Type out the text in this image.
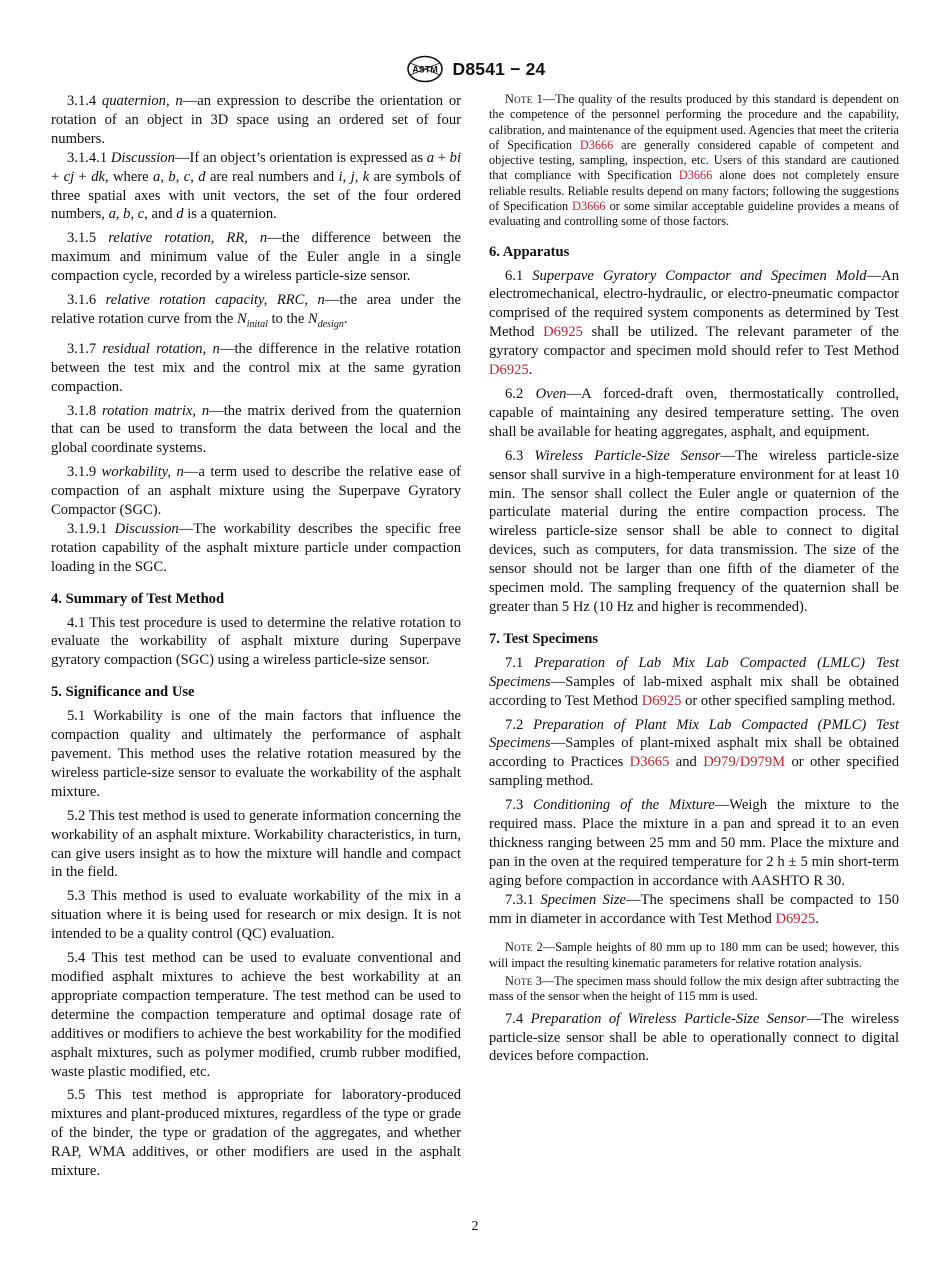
ASTM D8541 − 24

3.1.4 quaternion, n—an expression to describe the orientation or rotation of an object in 3D space using an ordered set of four numbers.

3.1.4.1 Discussion—If an object’s orientation is expressed as a + bi + cj + dk, where a, b, c, d are real numbers and i, j, k are symbols of three spatial axes with unit vectors, the set of the four ordered numbers, a, b, c, and d is a quaternion.

3.1.5 relative rotation, RR, n—the difference between the maximum and minimum value of the Euler angle in a single compaction cycle, recorded by a wireless particle-size sensor.

3.1.6 relative rotation capacity, RRC, n—the area under the relative rotation curve from the $N_{inital}$ to the $N_{design}$.

3.1.7 residual rotation, n—the difference in the relative rotation between the test mix and the control mix at the same gyration compaction.

3.1.8 rotation matrix, n—the matrix derived from the quaternion that can be used to transform the data between the local and the global coordinate systems.

3.1.9 workability, n—a term used to describe the relative ease of compaction of an asphalt mixture using the Superpave Gyratory Compactor (SGC).

3.1.9.1 Discussion—The workability describes the specific free rotation capability of the asphalt mixture particle under compaction loading in the SGC.

4. Summary of Test Method

4.1 This test procedure is used to determine the relative rotation to evaluate the workability of asphalt mixture during Superpave gyratory compaction (SGC) using a wireless particle-size sensor.

5. Significance and Use

5.1 Workability is one of the main factors that influence the compaction quality and ultimately the performance of asphalt pavement. This method uses the relative rotation measured by the wireless particle-size sensor to evaluate the workability of the asphalt mixture.

5.2 This test method is used to generate information concerning the workability of an asphalt mixture. Workability characteristics, in turn, can give users insight as to how the mixture will handle and compact in the field.

5.3 This method is used to evaluate workability of the mix in a situation where it is being used for research or mix design. It is not intended to be a quality control (QC) evaluation.

5.4 This test method can be used to evaluate conventional and modified asphalt mixtures to achieve the best workability at an appropriate compaction temperature. The test method can be used to determine the compaction temperature and optimal dosage rate of additives or modifiers to achieve the best workability for the modified asphalt mixtures, such as polymer modified, crumb rubber modified, waste plastic modified, etc.

5.5 This test method is appropriate for laboratory-produced mixtures and plant-produced mixtures, regardless of the type or grade of the binder, the type or gradation of the aggregates, and whether RAP, WMA additives, or other modifiers are used in the asphalt mixture.

Note 1—The quality of the results produced by this standard is dependent on the competence of the personnel performing the procedure and the capability, calibration, and maintenance of the equipment used. Agencies that meet the criteria of Specification D3666 are generally considered capable of competent and objective testing, sampling, inspection, etc. Users of this standard are cautioned that compliance with Specification D3666 alone does not completely ensure reliable results. Reliable results depend on many factors; following the suggestions of Specification D3666 or some similar acceptable guideline provides a means of evaluating and controlling some of those factors.

6. Apparatus

6.1 Superpave Gyratory Compactor and Specimen Mold—An electromechanical, electro-hydraulic, or electro-pneumatic compactor comprised of the required system components as determined by Test Method D6925 shall be utilized. The relevant parameter of the gyratory compactor and specimen mold should refer to Test Method D6925.

6.2 Oven—A forced-draft oven, thermostatically controlled, capable of maintaining any desired temperature setting. The oven shall be available for heating aggregates, asphalt, and equipment.

6.3 Wireless Particle-Size Sensor—The wireless particle-size sensor shall survive in a high-temperature environment for at least 10 min. The sensor shall collect the Euler angle or quaternion of the particulate material during the entire compaction process. The wireless particle-size sensor shall be able to connect to digital devices, such as computers, for data transmission. The size of the sensor should not be larger than one fifth of the diameter of the specimen mold. The sampling frequency of the quaternion shall be greater than 5 Hz (10 Hz and higher is recommended).

7. Test Specimens

7.1 Preparation of Lab Mix Lab Compacted (LMLC) Test Specimens—Samples of lab-mixed asphalt mix shall be obtained according to Test Method D6925 or other specified sampling method.

7.2 Preparation of Plant Mix Lab Compacted (PMLC) Test Specimens—Samples of plant-mixed asphalt mix shall be obtained according to Practices D3665 and D979/D979M or other specified sampling method.

7.3 Conditioning of the Mixture—Weigh the mixture to the required mass. Place the mixture in a pan and spread it to an even thickness ranging between 25 mm and 50 mm. Place the mixture and pan in the oven at the required temperature for 2 h ± 5 min short-term aging before compaction in accordance with AASHTO R 30.

7.3.1 Specimen Size—The specimens shall be compacted to 150 mm in diameter in accordance with Test Method D6925.

Note 2—Sample heights of 80 mm up to 180 mm can be used; however, this will impact the resulting kinematic parameters for relative rotation analysis.

Note 3—The specimen mass should follow the mix design after subtracting the mass of the sensor when the height of 115 mm is used.

7.4 Preparation of Wireless Particle-Size Sensor—The wireless particle-size sensor shall be able to operationally connect to digital devices before compaction.

2
